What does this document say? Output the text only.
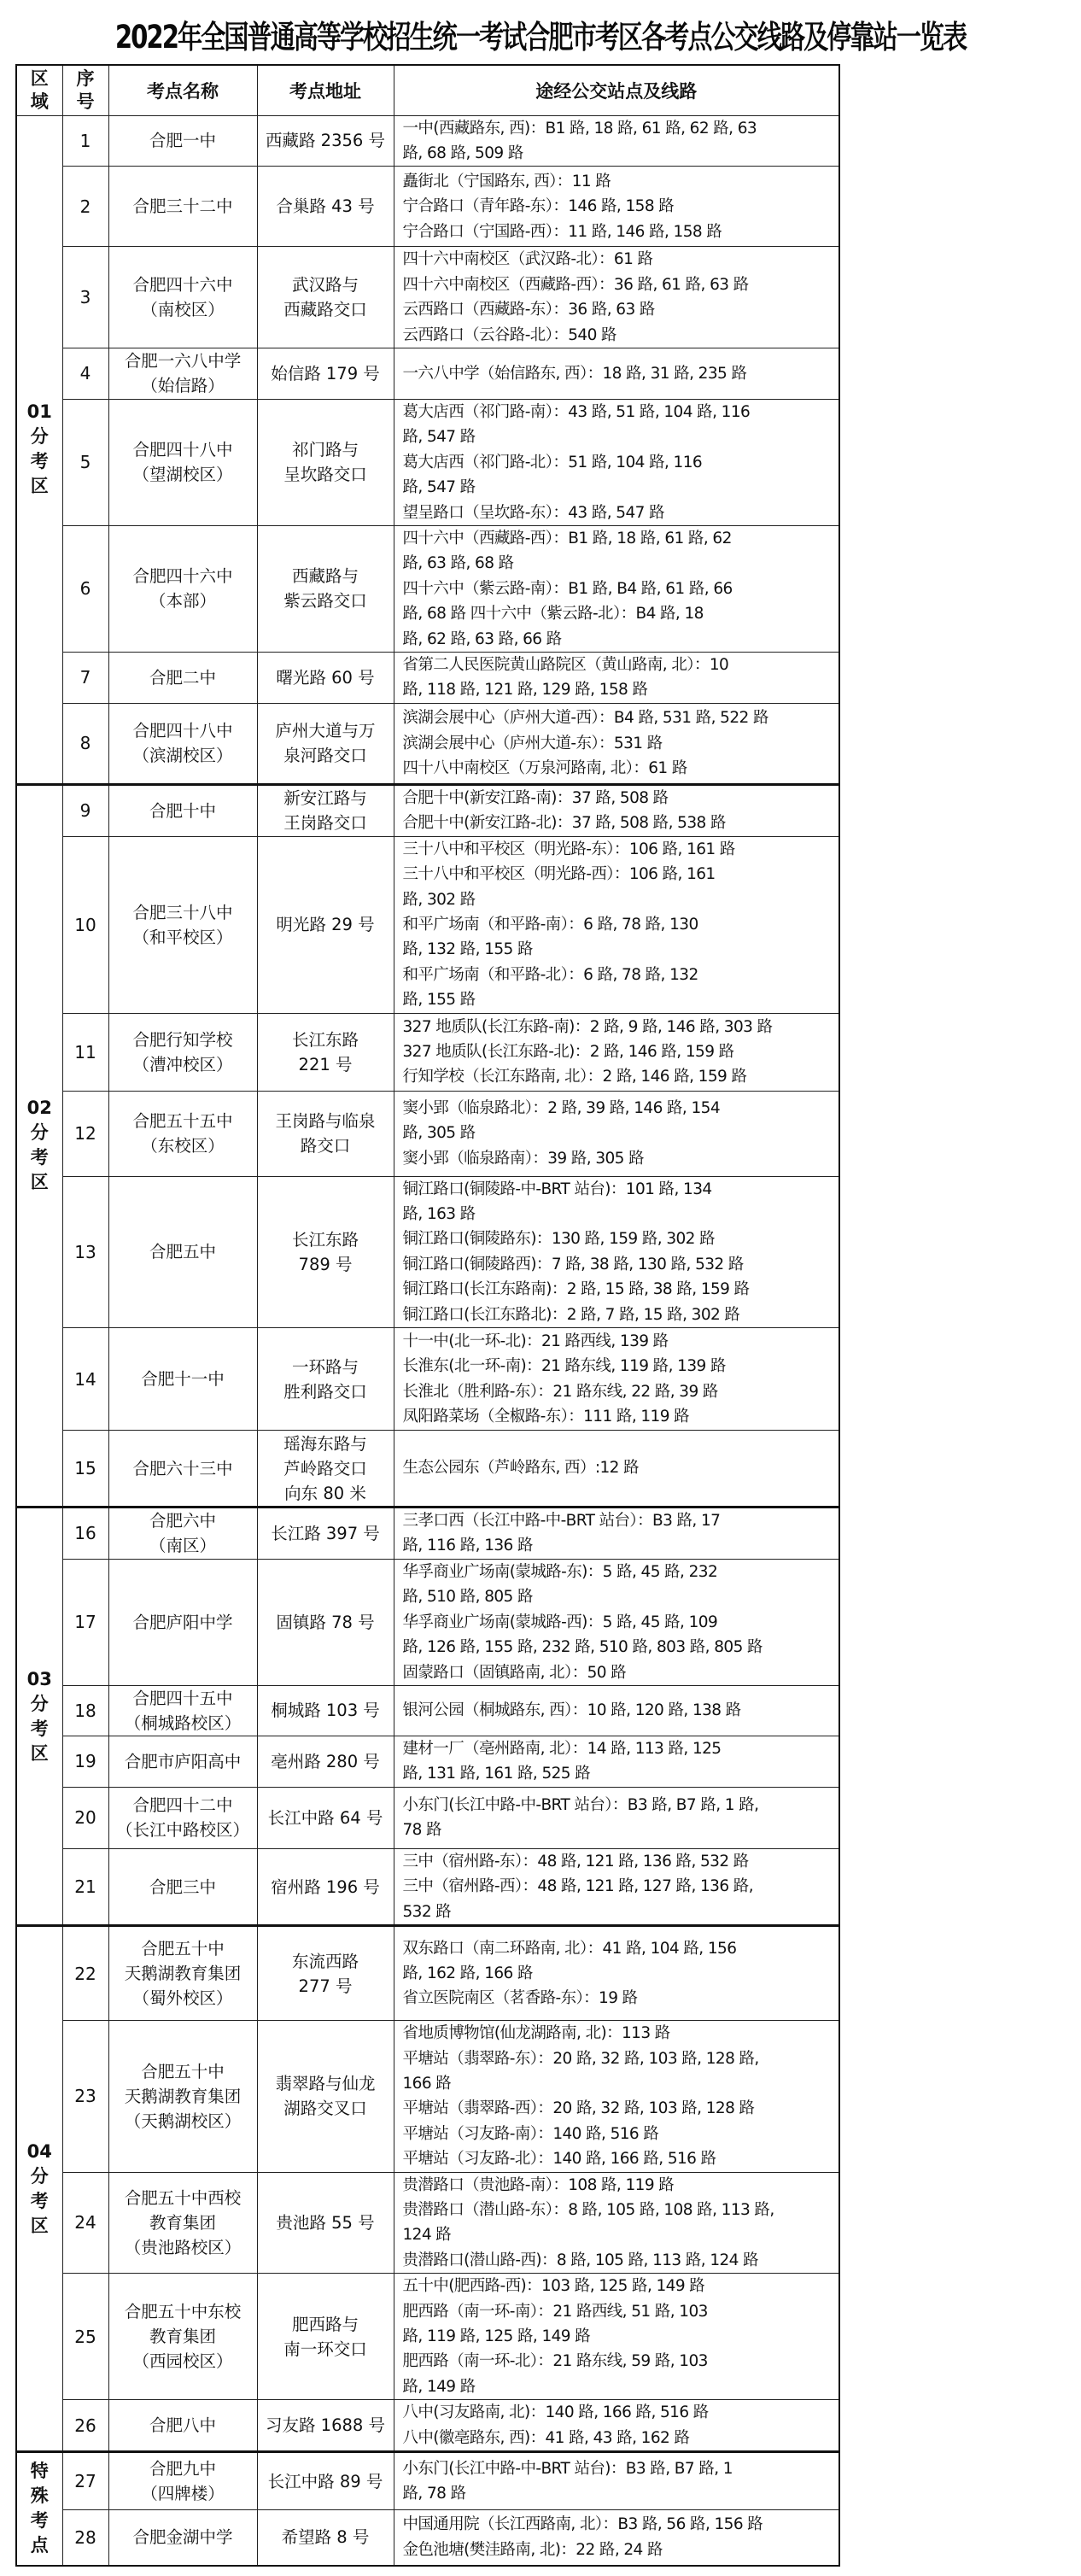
2022年全国普通高等学校招生统一考试合肥市考区各考点公交线路及停靠站一览表
区
域

序
号	考点名称	考点地址	途经公交站点及线路

01
分
考
区
	1	合肥一中	西藏路 2356 号

一中(西藏路东, 西)：B1 路, 18 路, 61 路, 62 路, 63
路, 68 路, 509 路

2	合肥三十二中	合巢路 43 号

矗街北（宁国路东, 西）：11 路
宁合路口（青年路-东）：146 路, 158 路
宁合路口（宁国路-西）：11 路, 146 路, 158 路

3	
合肥四十六中
（南校区）

武汉路与
西藏路交口

四十六中南校区（武汉路-北）：61 路
四十六中南校区（西藏路-西）：36 路, 61 路, 63 路
云西路口（西藏路-东）：36 路, 63 路
云西路口（云谷路-北）：540 路

4	
合肥一六八中学
（始信路）

始信路 179 号	一六八中学（始信路东, 西）：18 路, 31 路, 235 路

5	
合肥四十八中
（望湖校区）

祁门路与
呈坎路交口

葛大店西（祁门路-南）：43 路, 51 路, 104 路, 116
路, 547 路
葛大店西（祁门路-北）：51 路, 104 路, 116
路, 547 路
望呈路口（呈坎路-东）：43 路, 547 路

6	
合肥四十六中
（本部）

西藏路与
紫云路交口

四十六中（西藏路-西）：B1 路, 18 路, 61 路, 62
路, 63 路, 68 路
四十六中（紫云路-南）：B1 路, B4 路, 61 路, 66
路, 68 路 四十六中（紫云路-北）：B4 路, 18
路, 62 路, 63 路, 66 路

7	合肥二中	曙光路 60 号

省第二人民医院黄山路院区（黄山路南, 北）：10
路, 118 路, 121 路, 129 路, 158 路

8	
合肥四十八中
（滨湖校区）

庐州大道与万
泉河路交口

滨湖会展中心（庐州大道-西）：B4 路, 531 路, 522 路
滨湖会展中心（庐州大道-东）：531 路
四十八中南校区（万泉河路南, 北）：61 路

02
分
考
区
	9	合肥十中

新安江路与
王岗路交口

合肥十中(新安江路-南)：37 路, 508 路
合肥十中(新安江路-北)：37 路, 508 路, 538 路

10	
合肥三十八中
（和平校区）

明光路 29 号

三十八中和平校区（明光路-东）：106 路, 161 路
三十八中和平校区（明光路-西）：106 路, 161
路, 302 路
和平广场南（和平路-南）：6 路, 78 路, 130
路, 132 路, 155 路
和平广场南（和平路-北）：6 路, 78 路, 132
路, 155 路

11	
合肥行知学校
（漕冲校区）

长江东路
221 号

327 地质队(长江东路-南)：2 路, 9 路, 146 路, 303 路
327 地质队(长江东路-北)：2 路, 146 路, 159 路
行知学校（长江东路南, 北）：2 路, 146 路, 159 路

12	
合肥五十五中
（东校区）

王岗路与临泉
路交口

窦小郢（临泉路北）：2 路, 39 路, 146 路, 154
路, 305 路
窦小郢（临泉路南）：39 路, 305 路

13	合肥五中

长江东路
789 号

铜江路口(铜陵路-中-BRT 站台)：101 路, 134
路, 163 路
铜江路口(铜陵路东)：130 路, 159 路, 302 路
铜江路口(铜陵路西)：7 路, 38 路, 130 路, 532 路
铜江路口(长江东路南)：2 路, 15 路, 38 路, 159 路
铜江路口(长江东路北)：2 路, 7 路, 15 路, 302 路

14	合肥十一中

一环路与
胜利路交口

十一中(北一环-北)：21 路西线, 139 路
长淮东(北一环-南)：21 路东线, 119 路, 139 路
长淮北（胜利路-东）：21 路东线, 22 路, 39 路
凤阳路菜场（全椒路-东）：111 路, 119 路

15	合肥六十三中

瑶海东路与
芦岭路交口
向东 80 米

生态公园东（芦岭路东, 西）:12 路

03
分
考
区
	16	
合肥六中
（南区）

长江路 397 号

三孝口西（长江中路-中-BRT 站台）：B3 路, 17
路, 116 路, 136 路

17	合肥庐阳中学	固镇路 78 号

华孚商业广场南(蒙城路-东)：5 路, 45 路, 232
路, 510 路, 805 路
华孚商业广场南(蒙城路-西)：5 路, 45 路, 109
路, 126 路, 155 路, 232 路, 510 路, 803 路, 805 路
固蒙路口（固镇路南, 北）：50 路

18	
合肥四十五中
（桐城路校区）

桐城路 103 号	银河公园（桐城路东, 西）：10 路, 120 路, 138 路

19	合肥市庐阳高中	亳州路 280 号

建材一厂（亳州路南, 北）：14 路, 113 路, 125
路, 131 路, 161 路, 525 路

20	
合肥四十二中
（长江中路校区）

长江中路 64 号

小东门(长江中路-中-BRT 站台）：B3 路, B7 路, 1 路,
78 路

21	合肥三中	宿州路 196 号

三中（宿州路-东）：48 路, 121 路, 136 路, 532 路
三中（宿州路-西）：48 路, 121 路, 127 路, 136 路,
532 路

04
分
考
区
	22	
合肥五十中
天鹅湖教育集团
（蜀外校区）

东流西路
277 号

双东路口（南二环路南, 北）：41 路, 104 路, 156
路, 162 路, 166 路
省立医院南区（茗香路-东）：19 路

23	
合肥五十中
天鹅湖教育集团
（天鹅湖校区）

翡翠路与仙龙
湖路交叉口

省地质博物馆(仙龙湖路南, 北)：113 路
平塘站（翡翠路-东）：20 路, 32 路, 103 路, 128 路,
166 路
平塘站（翡翠路-西）：20 路, 32 路, 103 路, 128 路
平塘站（习友路-南）：140 路, 516 路
平塘站（习友路-北）：140 路, 166 路, 516 路

24	
合肥五十中西校
教育集团
（贵池路校区）

贵池路 55 号

贵潜路口（贵池路-南）：108 路, 119 路
贵潜路口（潜山路-东）：8 路, 105 路, 108 路, 113 路,
124 路
贵潜路口(潜山路-西)：8 路, 105 路, 113 路, 124 路

25	
合肥五十中东校
教育集团
（西园校区）

肥西路与
南一环交口

五十中(肥西路-西)：103 路, 125 路, 149 路
肥西路（南一环-南）：21 路西线, 51 路, 103
路, 119 路, 125 路, 149 路
肥西路（南一环-北）：21 路东线, 59 路, 103
路, 149 路

26	合肥八中	习友路 1688 号

八中(习友路南, 北)：140 路, 166 路, 516 路
八中(徽亳路东, 西)：41 路, 43 路, 162 路

特
殊
考
点
	27	
合肥九中
（四牌楼）

长江中路 89 号

小东门(长江中路-中-BRT 站台)：B3 路, B7 路, 1
路, 78 路

28	合肥金湖中学	希望路 8 号

中国通用院（长江西路南, 北）：B3 路, 56 路, 156 路
金色池塘(樊洼路南, 北)：22 路, 24 路
